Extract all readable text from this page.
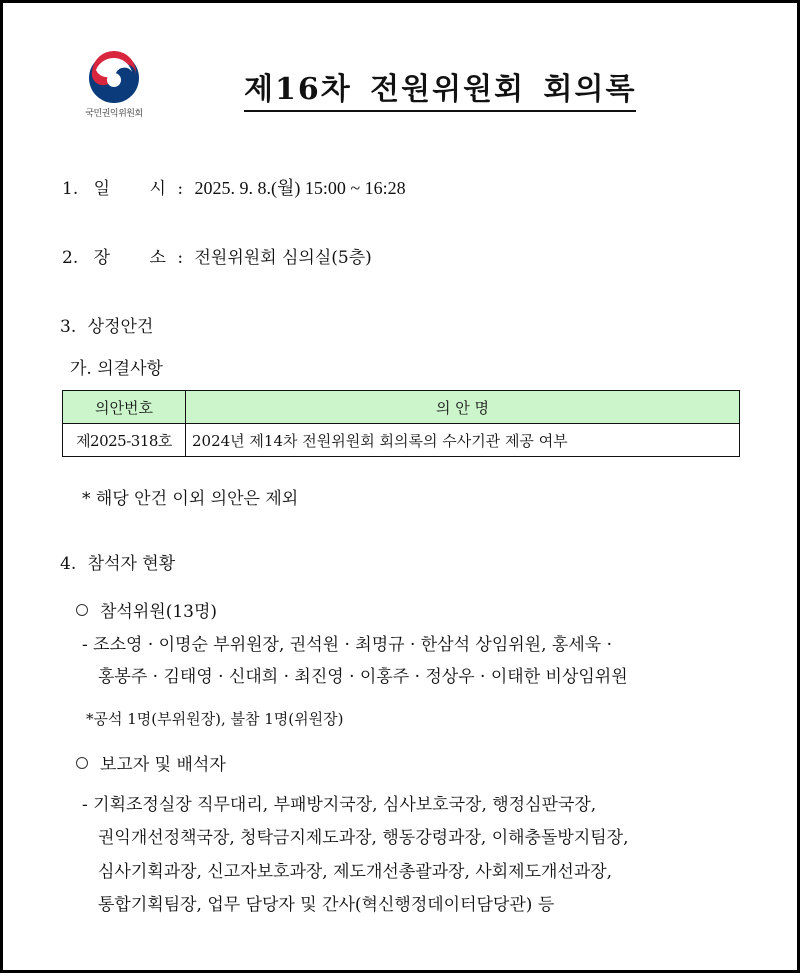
국민권익위원회
제16차 전원위원회 회의록
1. 일 시 : 2025. 9. 8.(월) 15:00 ~ 16:28
2. 장 소 : 전원위원회 심의실(5층)
3. 상정안건
가. 의결사항
의안번호	의 안 명
제2025-318호	2024년 제14차 전원위원회 회의록의 수사기관 제공 여부
* 해당 안건 이외 의안은 제외
4. 참석자 현황
참석위원(13명)
- 조소영 · 이명순 부위원장, 권석원 · 최명규 · 한삼석 상임위원, 홍세욱 ·
홍봉주 · 김태영 · 신대희 · 최진영 · 이홍주 · 정상우 · 이태한 비상임위원
*공석 1명(부위원장), 불참 1명(위원장)
보고자 및 배석자
- 기획조정실장 직무대리, 부패방지국장, 심사보호국장, 행정심판국장,
권익개선정책국장, 청탁금지제도과장, 행동강령과장, 이해충돌방지팀장,
심사기획과장, 신고자보호과장, 제도개선총괄과장, 사회제도개선과장,
통합기획팀장, 업무 담당자 및 간사(혁신행정데이터담당관) 등
